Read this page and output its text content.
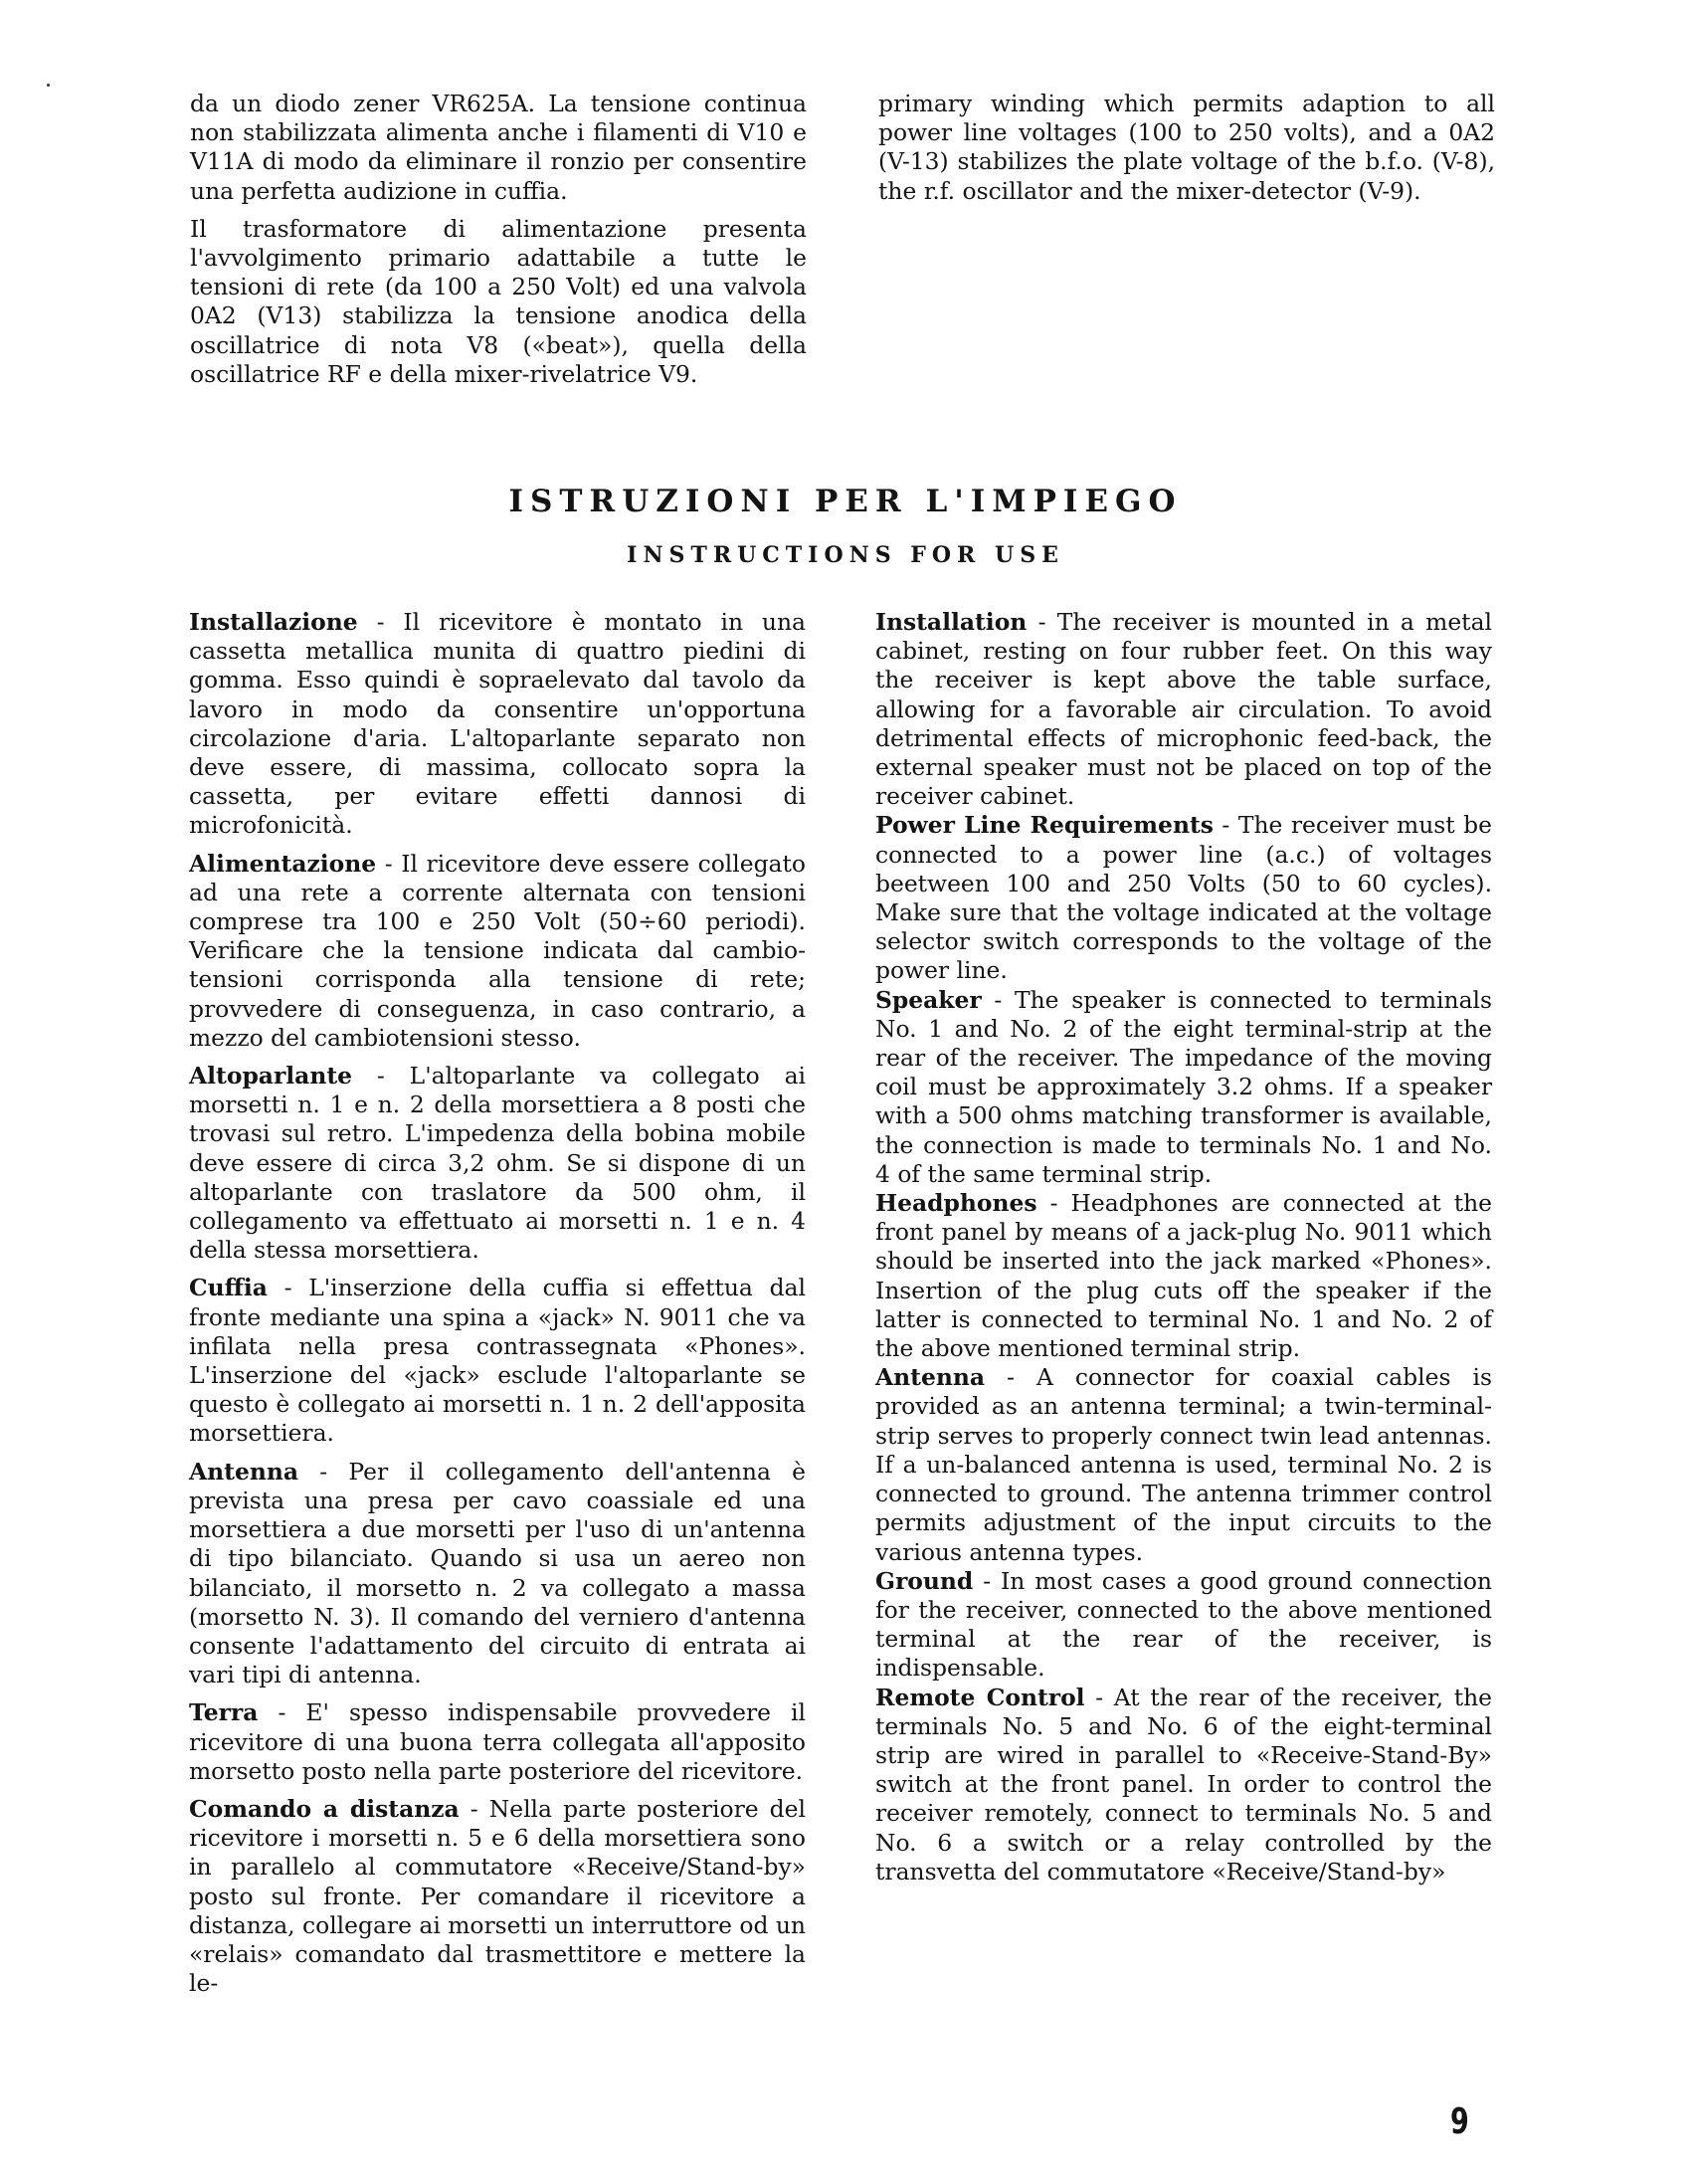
da un diodo zener VR625A. La tensione continua non stabilizzata alimenta anche i filamenti di V10 e V11A di modo da eliminare il ronzio per consentire una perfetta audizione in cuffia.

Il trasformatore di alimentazione presenta l'avvolgimento primario adattabile a tutte le tensioni di rete (da 100 a 250 Volt) ed una valvola 0A2 (V13) stabilizza la tensione anodica della oscillatrice di nota V8 («beat»), quella della oscillatrice RF e della mixer-rivelatrice V9.

primary winding which permits adaption to all power line voltages (100 to 250 volts), and a 0A2 (V-13) stabilizes the plate voltage of the b.f.o. (V-8), the r.f. oscillator and the mixer-detector (V-9).

ISTRUZIONI PER L'IMPIEGO
INSTRUCTIONS FOR USE

Installazione - Il ricevitore è montato in una cassetta metallica munita di quattro piedini di gomma. Esso quindi è sopraelevato dal tavolo da lavoro in modo da consentire un'opportuna circolazione d'aria. L'altoparlante separato non deve essere, di massima, collocato sopra la cassetta, per evitare effetti dannosi di microfonicità.

Alimentazione - Il ricevitore deve essere collegato ad una rete a corrente alternata con tensioni comprese tra 100 e 250 Volt (50÷60 periodi). Verificare che la tensione indicata dal cambio-tensioni corrisponda alla tensione di rete; provvedere di conseguenza, in caso contrario, a mezzo del cambiotensioni stesso.

Altoparlante - L'altoparlante va collegato ai morsetti n. 1 e n. 2 della morsettiera a 8 posti che trovasi sul retro. L'impedenza della bobina mobile deve essere di circa 3,2 ohm. Se si dispone di un altoparlante con traslatore da 500 ohm, il collegamento va effettuato ai morsetti n. 1 e n. 4 della stessa morsettiera.

Cuffia - L'inserzione della cuffia si effettua dal fronte mediante una spina a «jack» N. 9011 che va infilata nella presa contrassegnata «Phones». L'inserzione del «jack» esclude l'altoparlante se questo è collegato ai morsetti n. 1 n. 2 dell'apposita morsettiera.

Antenna - Per il collegamento dell'antenna è prevista una presa per cavo coassiale ed una morsettiera a due morsetti per l'uso di un'antenna di tipo bilanciato. Quando si usa un aereo non bilanciato, il morsetto n. 2 va collegato a massa (morsetto N. 3). Il comando del verniero d'antenna consente l'adattamento del circuito di entrata ai vari tipi di antenna.

Terra - E' spesso indispensabile provvedere il ricevitore di una buona terra collegata all'apposito morsetto posto nella parte posteriore del ricevitore.

Comando a distanza - Nella parte posteriore del ricevitore i morsetti n. 5 e 6 della morsettiera sono in parallelo al commutatore «Receive/Stand-by» posto sul fronte. Per comandare il ricevitore a distanza, collegare ai morsetti un interruttore od un «relais» comandato dal trasmettitore e mettere la le-

Installation - The receiver is mounted in a metal cabinet, resting on four rubber feet. On this way the receiver is kept above the table surface, allowing for a favorable air circulation. To avoid detrimental effects of microphonic feed-back, the external speaker must not be placed on top of the receiver cabinet.

Power Line Requirements - The receiver must be connected to a power line (a.c.) of voltages beetween 100 and 250 Volts (50 to 60 cycles). Make sure that the voltage indicated at the voltage selector switch corresponds to the voltage of the power line.

Speaker - The speaker is connected to terminals No. 1 and No. 2 of the eight terminal-strip at the rear of the receiver. The impedance of the moving coil must be approximately 3.2 ohms. If a speaker with a 500 ohms matching transformer is available, the connection is made to terminals No. 1 and No. 4 of the same terminal strip.

Headphones - Headphones are connected at the front panel by means of a jack-plug No. 9011 which should be inserted into the jack marked «Phones». Insertion of the plug cuts off the speaker if the latter is connected to terminal No. 1 and No. 2 of the above mentioned terminal strip.

Antenna - A connector for coaxial cables is provided as an antenna terminal; a twin-terminal-strip serves to properly connect twin lead antennas. If a un-balanced antenna is used, terminal No. 2 is connected to ground. The antenna trimmer control permits adjustment of the input circuits to the various antenna types.

Ground - In most cases a good ground connection for the receiver, connected to the above mentioned terminal at the rear of the receiver, is indispensable.

Remote Control - At the rear of the receiver, the terminals No. 5 and No. 6 of the eight-terminal strip are wired in parallel to «Receive-Stand-By» switch at the front panel. In order to control the receiver remotely, connect to terminals No. 5 and No. 6 a switch or a relay controlled by the transvetta del commutatore «Receive/Stand-by»

9
